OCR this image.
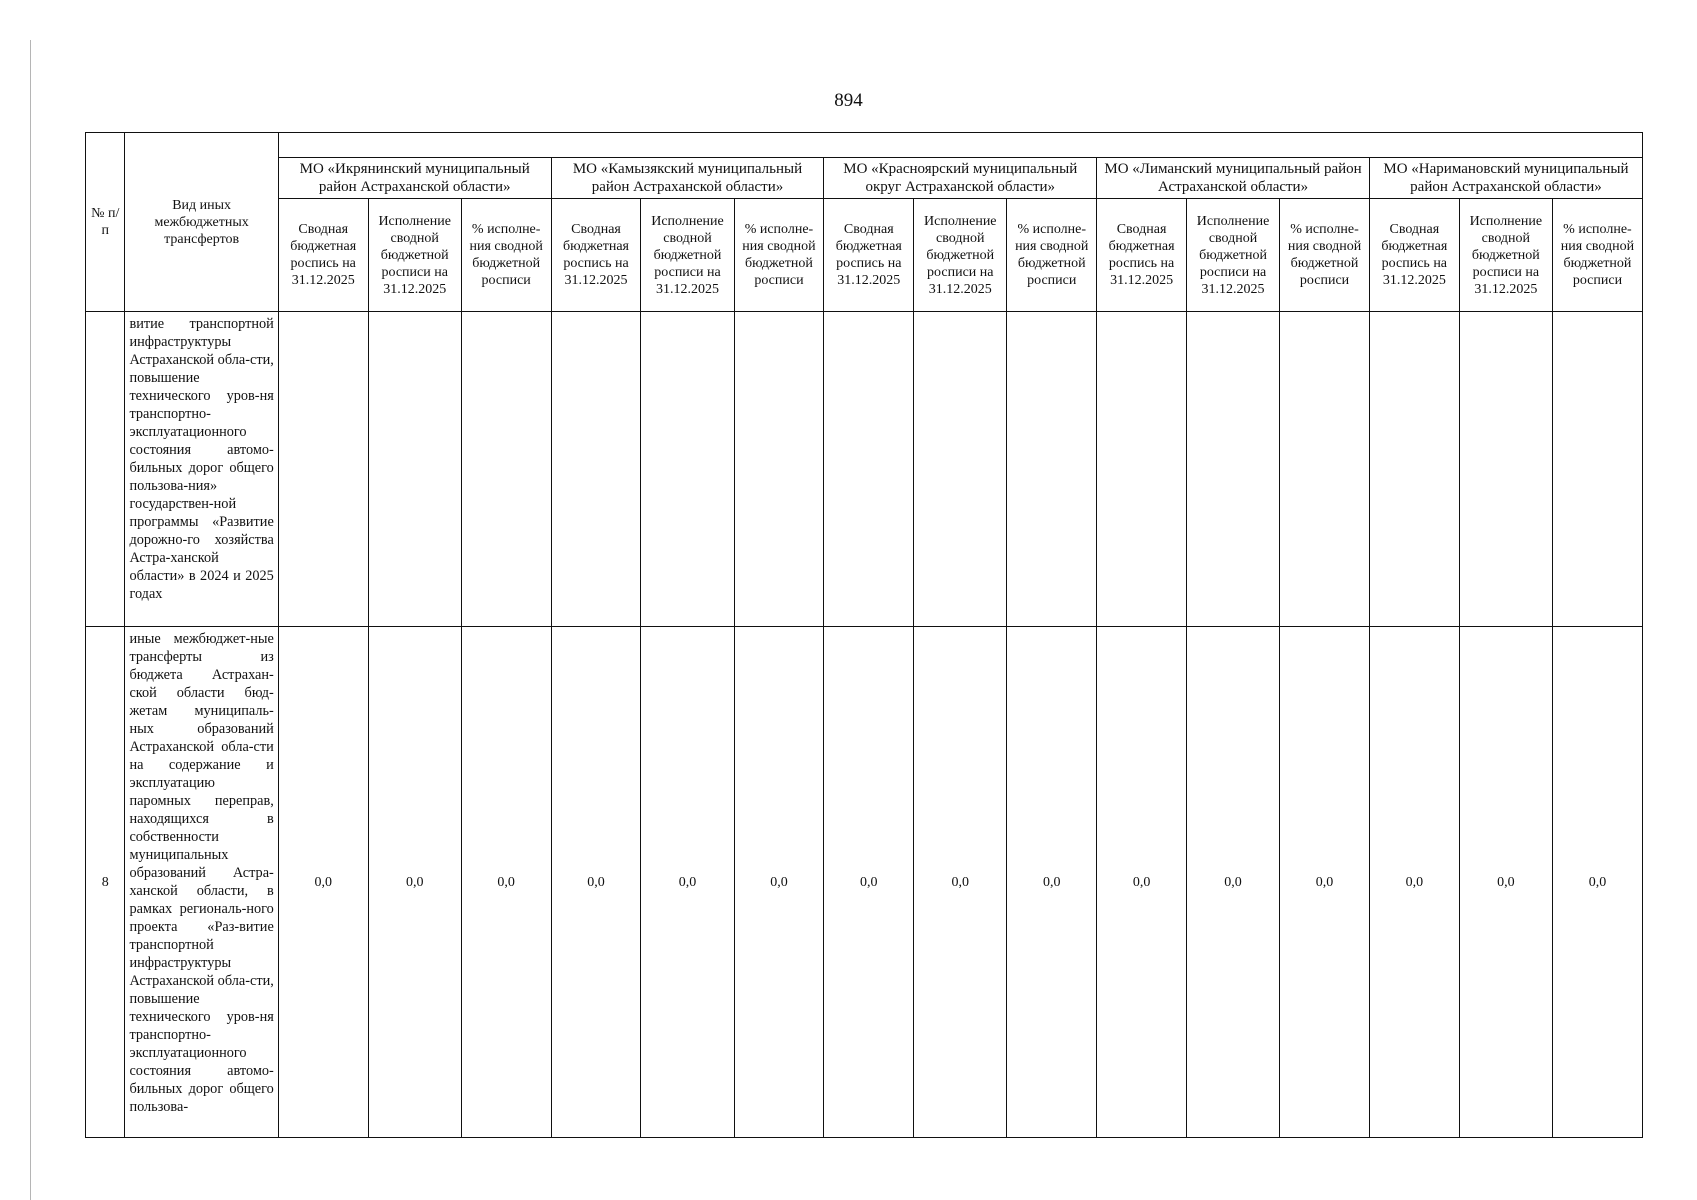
894
№ п/п	Вид иных межбюджетных трансфертов															
		МО «Икрянинский муниципальный район Астраханской области»			МО «Камызякский муниципальный район Астраханской области»			МО «Красноярский муниципальный округ Астраханской области»			МО «Лиманский муниципальный район Астраханской области»			МО «Наримановский муниципальный район Астраханской области»		
		Сводная бюджетная роспись на 31.12.2025	Исполнение сводной бюджетной росписи на 31.12.2025	% исполне-ния сводной бюджетной росписи	Сводная бюджетная роспись на 31.12.2025	Исполнение сводной бюджетной росписи на 31.12.2025	% исполне-ния сводной бюджетной росписи	Сводная бюджетная роспись на 31.12.2025	Исполнение сводной бюджетной росписи на 31.12.2025	% исполне-ния сводной бюджетной росписи	Сводная бюджетная роспись на 31.12.2025	Исполнение сводной бюджетной росписи на 31.12.2025	% исполне-ния сводной бюджетной росписи	Сводная бюджетная роспись на 31.12.2025	Исполнение сводной бюджетной росписи на 31.12.2025	% исполне-ния сводной бюджетной росписи
	витие транспортной инфраструктуры Астраханской обла-сти, повышение технического уров-ня транспортно-эксплуатационного состояния автомо-бильных дорог общего пользова-ния» государствен-ной программы «Развитие дорожно-го хозяйства Астра-ханской области» в 2024 и 2025 годах															
8	иные межбюджет-ные трансферты из бюджета Астрахан-ской области бюд-жетам муниципаль-ных образований Астраханской обла-сти на содержание и эксплуатацию паромных переправ, находящихся в собственности муниципальных образований Астра-ханской области, в рамках региональ-ного проекта «Раз-витие транспортной инфраструктуры Астраханской обла-сти, повышение технического уров-ня транспортно-эксплуатационного состояния автомо-бильных дорог общего пользова-	0,0	0,0	0,0	0,0	0,0	0,0	0,0	0,0	0,0	0,0	0,0	0,0	0,0	0,0	0,0
